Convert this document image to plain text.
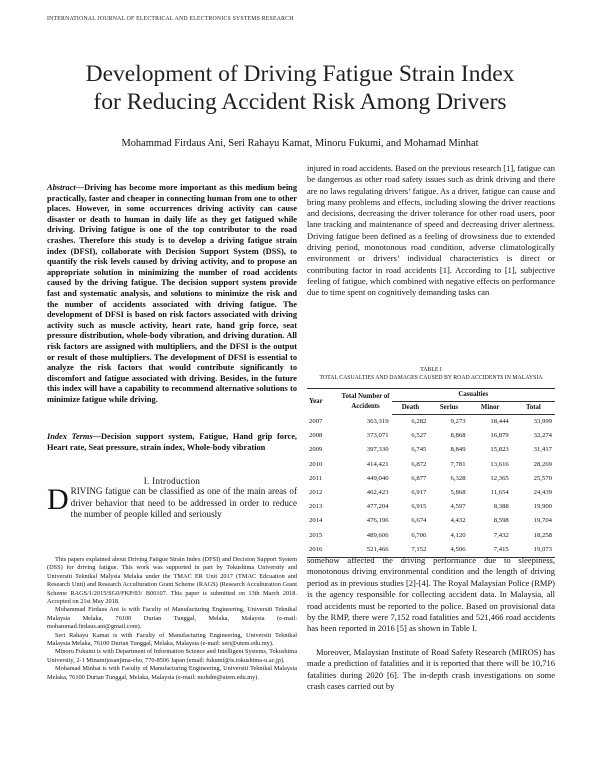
INTERNATIONAL JOURNAL OF ELECTRICAL AND ELECTRONICS SYSTEMS RESEARCH
Development of Driving Fatigue Strain Index
for Reducing Accident Risk Among Drivers
Mohammad Firdaus Ani, Seri Rahayu Kamat, Minoru Fukumi, and Mohamad Minhat
Abstract—Driving has become more important as this medium being practically, faster and cheaper in connecting human from one to other places. However, in some occurrences driving activity can cause disaster or death to human in daily life as they get fatigued while driving. Driving fatigue is one of the top contributor to the road crashes. Therefore this study is to develop a driving fatigue strain index (DFSI), collaborate with Decision Support System (DSS), to quantify the risk levels caused by driving activity, and to propose an appropriate solution in minimizing the number of road accidents caused by the driving fatigue. The decision support system provide fast and systematic analysis, and solutions to minimize the risk and the number of accidents associated with driving fatigue. The development of DFSI is based on risk factors associated with driving activity such as muscle activity, heart rate, hand grip force, seat pressure distribution, whole-body vibration, and driving duration. All risk factors are assigned with multipliers, and the DFSI is the output or result of those multipliers. The development of DFSI is essential to analyze the risk factors that would contribute significantly to discomfort and fatigue associated with driving. Besides, in the future this index will have a capability to recommend alternative solutions to minimize fatigue while driving.
Index Terms—Decision support system, Fatigue, Hand grip force, Heart rate, Seat pressure, strain index, Whole-body vibration
I. Introduction
DRIVING fatigue can be classified as one of the main areas of driver behavior that need to be addressed in order to reduce the number of people killed and seriously

This papers explained about Driving Fatigue Strain Index (DFSI) and Decision Support System (DSS) for driving fatigue. This work was supported in part by Tokushima University and Universiti Teknikal Malysia Melaka under the TMAC ER Unit 2017 (TMAC Edcuation and Research Unit) and Research Acculturation Grant Scheme (RAGS) (Research Acculturation Grant Scheme RAGS/1/2015/SG0/FKP/03/ B00107. This paper is submitted on 13th March 2018. Accepted on 21st May 2018.

Mohammad Firdaus Ani is with Faculty of Manufacturing Engineering, Universiti Teknikal Malaysia Melaka, 76100 Durian Tunggal, Melaka, Malaysia (e-mail: mohammad.firdaus.ani@gmail.com).

Seri Rahayu Kamat is with Faculty of Manufacturing Engineering, Universiti Teknikal Malaysia Melaka, 76100 Durian Tunggal, Melaka, Malaysia (e-mail: seri@utem.edu.my).

Minoru Fukumi is with Department of Information Science and Intelligent Systems, Tokushima University, 2-1 Minamijosanjima-cho, 770-8506 Japan (email: fukumi@is.tokushima-u.ac.jp).

Mohamad Minhat is with Faculty of Manufacturing Engineering, Universiti Teknikal Malaysia Melaka, 76100 Durian Tunggal, Melaka, Malaysia (e-mail: mohdm@utem.edu.my).

injured in road accidents. Based on the previous research [1], fatigue can be dangerous as other road safety issues such as drink driving and there are no laws regulating drivers’ fatigue. As a driver, fatigue can cause and bring many problems and effects, including slowing the driver reactions and decisions, decreasing the driver tolerance for other road users, poor lane tracking and maintenance of speed and decreasing driver alertness. Driving fatigue been defined as a feeling of drowsiness due to extended driving period, monotonous road condition, adverse climatologically environment or drivers’ individual characteristics is direct or contributing factor in road accidents [1]. According to [1], subjective feeling of fatigue, which combined with negative effects on performance due to time spent on cognitively demanding tasks can
TABLE I
TOTAL CASUALTIES AND DAMAGES CAUSED BY ROAD ACCIDENTS IN MALAYSIA
Year	Total Number of Accidents	Casualties			
		Death	Serius	Minor	Total
2007	363,319	6,282	9,273	18,444	33,999
2008	373,071	6,527	8,868	16,879	32,274
2009	397,330	6,745	8,849	15,823	31,417
2010	414,421	6,872	7,781	13,616	28,269
2011	449,040	6,877	6,328	12,365	25,570
2012	462,423	6,917	5,868	11,654	24,439
2013	477,204	6,915	4,597	8,388	19,900
2014	476,196	6,674	4,432	8,598	19,704
2015	489,606	6,706	4,120	7,432	18,258
2016	521,466	7,152	4,506	7,415	19,073

somehow affected the driving performance due to sleepiness, monotonous driving environmental condition and the length of driving period as in previous studies [2]-[4]. The Royal Malaysian Police (RMP) is the agency responsible for collecting accident data. In Malaysia, all road accidents must be reported to the police. Based on provisional data by the RMP, there were 7,152 road fatalities and 521,466 road accidents has been reported in 2016 [5] as shown in Table I.

Moreover, Malaysian Institute of Road Safety Research (MIROS) has made a prediction of fatalities and it is reported that there will be 10,716 fatalities during 2020 [6]. The in-depth crash investigations on some crash cases carried out by
